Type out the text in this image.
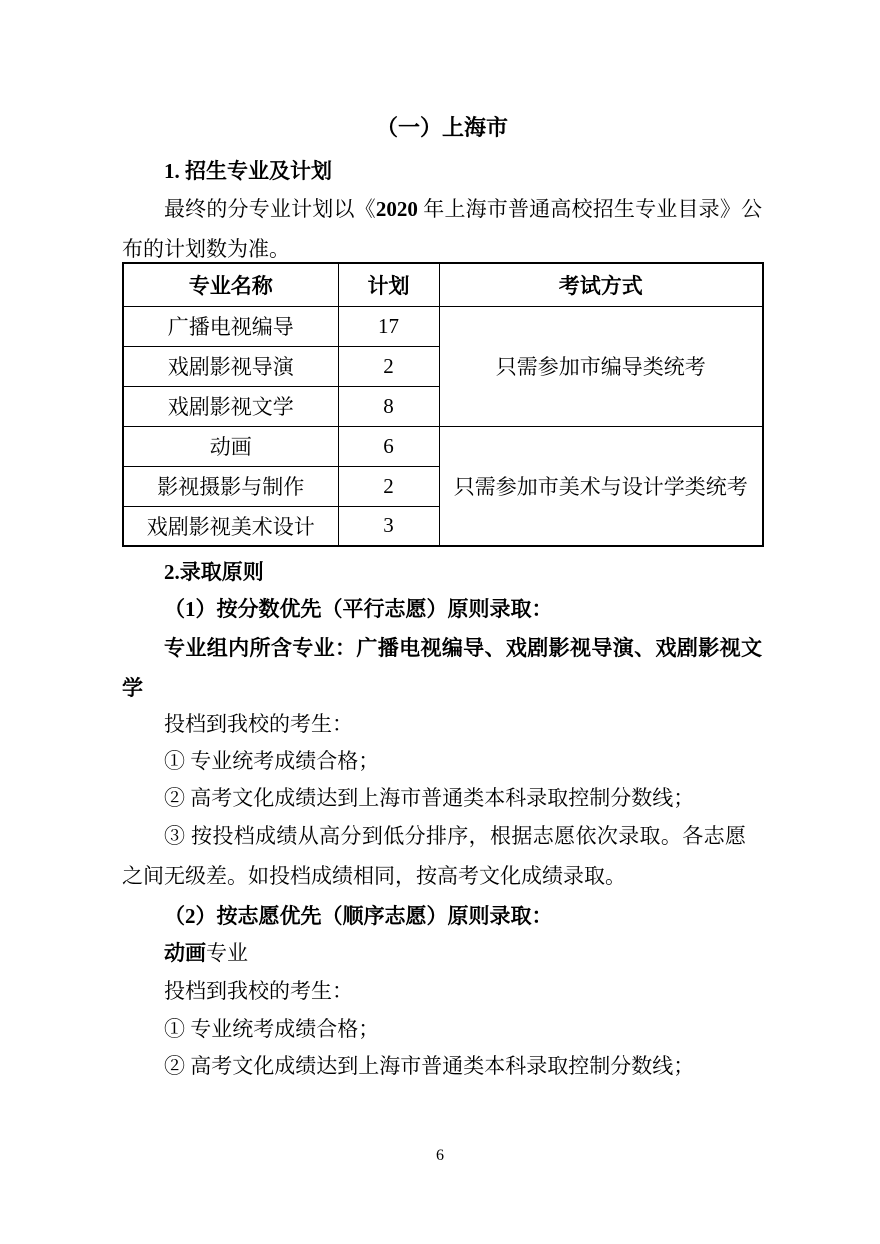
（一）上海市
1. 招生专业及计划
最终的分专业计划以《2020 年上海市普通高校招生专业目录》公布的计划数为准。
专业名称	计划	考试方式
广播电视编导	17	只需参加市编导类统考
戏剧影视导演	2	
戏剧影视文学	8	
动画	6	只需参加市美术与设计学类统考
影视摄影与制作	2	
戏剧影视美术设计	3	
2.录取原则
（1）按分数优先（平行志愿）原则录取：
专业组内所含专业：广播电视编导、戏剧影视导演、戏剧影视文学
投档到我校的考生：
① 专业统考成绩合格；
② 高考文化成绩达到上海市普通类本科录取控制分数线；
③ 按投档成绩从高分到低分排序，根据志愿依次录取。各志愿之间无级差。如投档成绩相同，按高考文化成绩录取。
（2）按志愿优先（顺序志愿）原则录取：
动画专业
投档到我校的考生：
① 专业统考成绩合格；
② 高考文化成绩达到上海市普通类本科录取控制分数线；
6
